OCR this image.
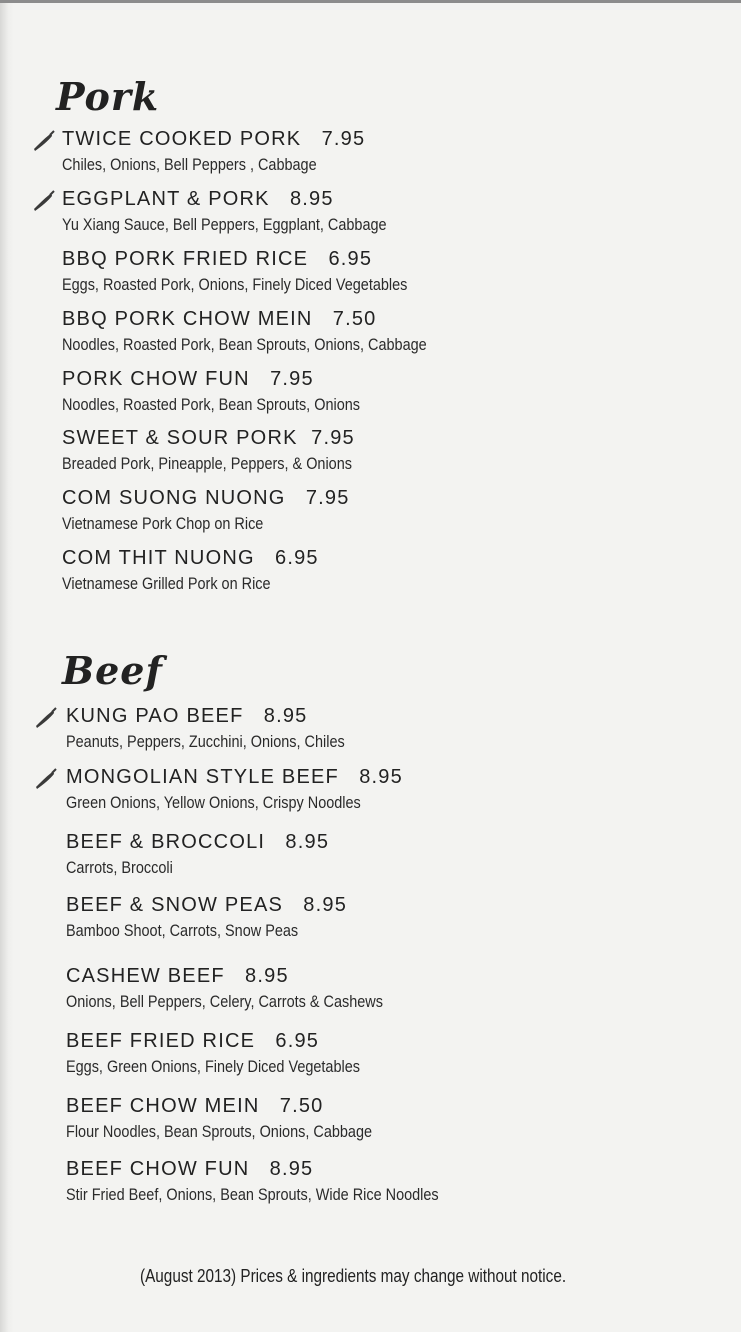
Pork
TWICE COOKED PORK   7.95
Chiles, Onions, Bell Peppers , Cabbage
EGGPLANT & PORK   8.95
Yu Xiang Sauce, Bell Peppers, Eggplant, Cabbage
BBQ PORK FRIED RICE   6.95
Eggs, Roasted Pork, Onions, Finely Diced Vegetables
BBQ PORK CHOW MEIN   7.50
Noodles, Roasted Pork, Bean Sprouts, Onions, Cabbage
PORK CHOW FUN   7.95
Noodles, Roasted Pork, Bean Sprouts, Onions
SWEET & SOUR PORK  7.95
Breaded Pork, Pineapple, Peppers, & Onions
COM SUONG NUONG   7.95
Vietnamese Pork Chop on Rice
COM THIT NUONG   6.95
Vietnamese Grilled Pork on Rice
Beef
KUNG PAO BEEF   8.95
Peanuts, Peppers, Zucchini, Onions, Chiles
MONGOLIAN STYLE BEEF   8.95
Green Onions, Yellow Onions, Crispy Noodles
BEEF & BROCCOLI   8.95
Carrots, Broccoli
BEEF & SNOW PEAS   8.95
Bamboo Shoot, Carrots, Snow Peas
CASHEW BEEF   8.95
Onions, Bell Peppers, Celery, Carrots & Cashews
BEEF FRIED RICE   6.95
Eggs, Green Onions, Finely Diced Vegetables
BEEF CHOW MEIN   7.50
Flour Noodles, Bean Sprouts, Onions, Cabbage
BEEF CHOW FUN   8.95
Stir Fried Beef, Onions, Bean Sprouts, Wide Rice Noodles
(August 2013) Prices & ingredients may change without notice.
